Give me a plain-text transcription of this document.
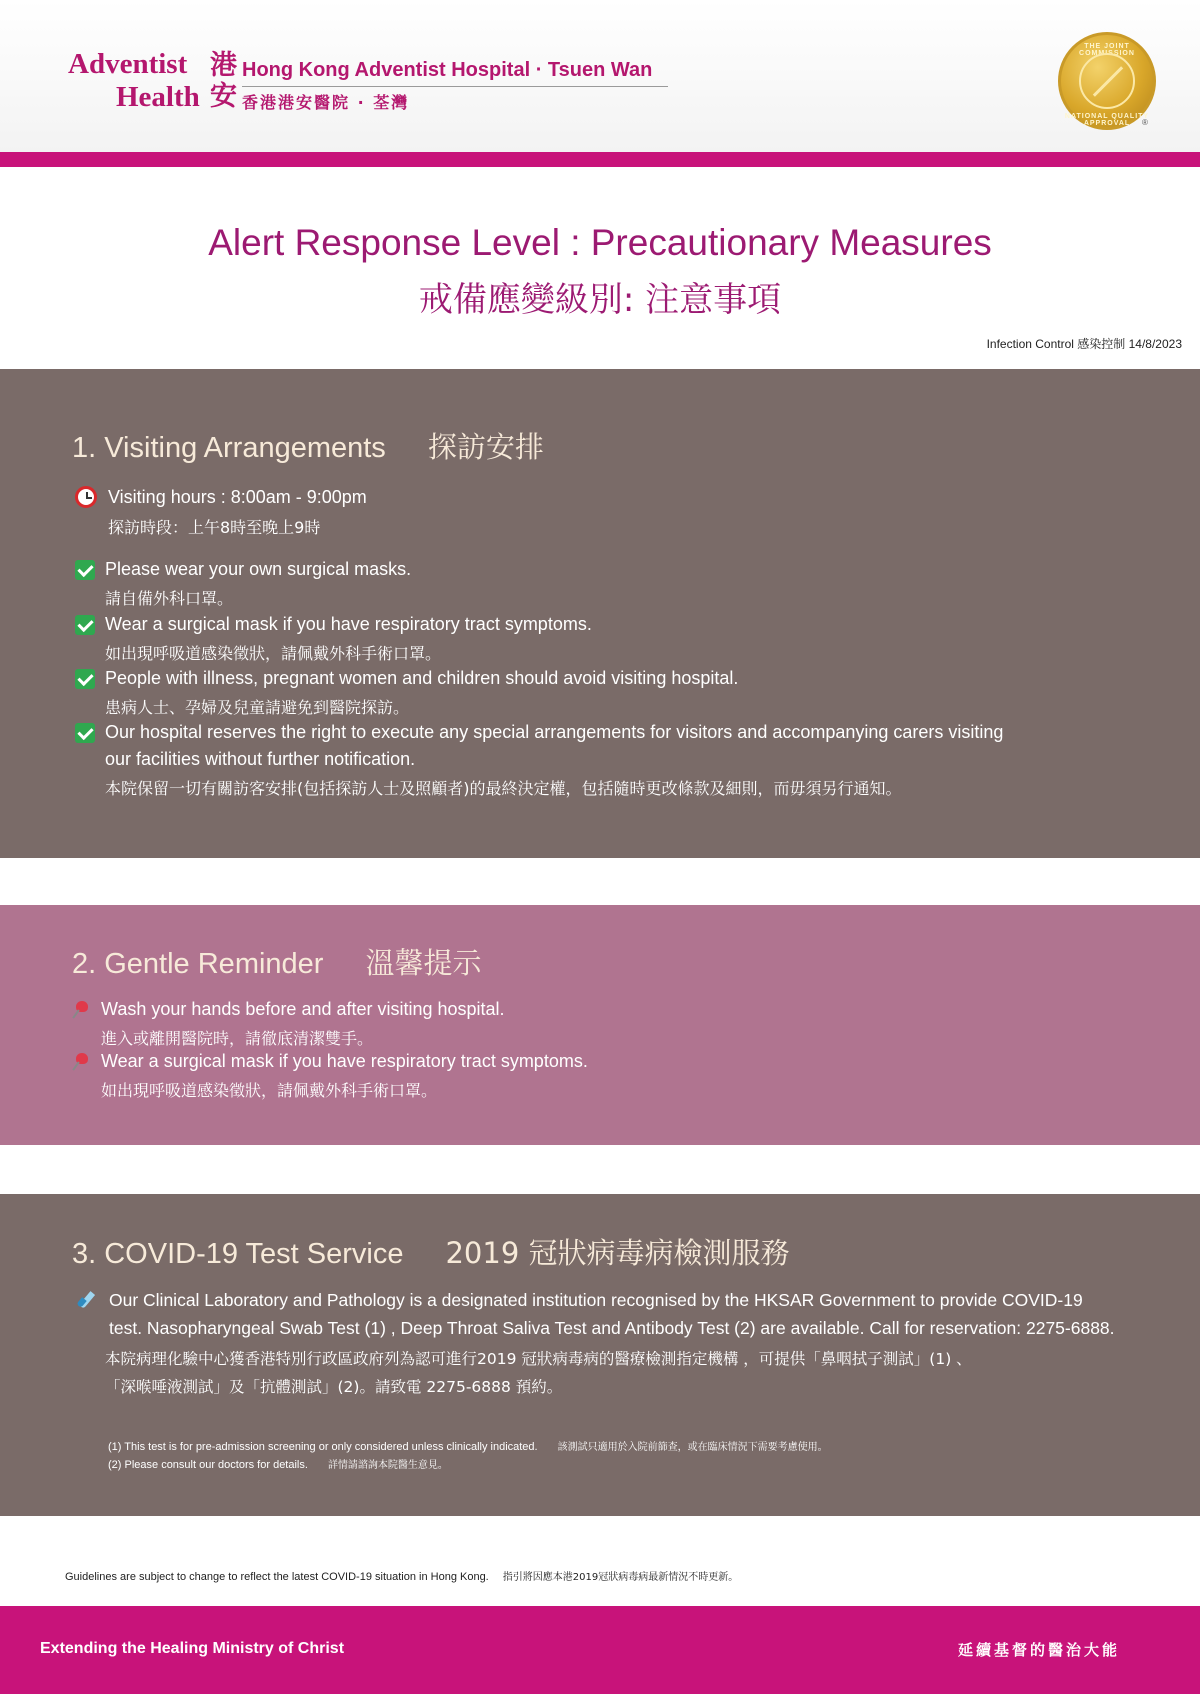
Adventist
Health
港安
Hong Kong Adventist Hospital · Tsuen Wan
香港港安醫院 · 荃灣
THE JOINT COMMISSION
NATIONAL QUALITY APPROVAL	®
Alert Response Level : Precautionary Measures
戒備應變級別: 注意事項
Infection Control 感染控制 14/8/2023
1. Visiting Arrangements 探訪安排
Visiting hours : 8:00am - 9:00pm
探訪時段：上午8時至晚上9時
Please wear your own surgical masks.
請自備外科口罩。
Wear a surgical mask if you have respiratory tract symptoms.
如出現呼吸道感染徵狀，請佩戴外科手術口罩。
People with illness, pregnant women and children should avoid visiting hospital.
患病人士、孕婦及兒童請避免到醫院探訪。
Our hospital reserves the right to execute any special arrangements for visitors and accompanying carers visiting
our facilities without further notification.
本院保留一切有關訪客安排(包括探訪人士及照顧者)的最終決定權，包括隨時更改條款及細則，而毋須另行通知。
2. Gentle Reminder 溫馨提示
Wash your hands before and after visiting hospital.
進入或離開醫院時，請徹底清潔雙手。
Wear a surgical mask if you have respiratory tract symptoms.
如出現呼吸道感染徵狀，請佩戴外科手術口罩。
3. COVID-19 Test Service 2019 冠狀病毒病檢測服務
Our Clinical Laboratory and Pathology is a designated institution recognised by the HKSAR Government to provide COVID-19
test. Nasopharyngeal Swab Test (1) , Deep Throat Saliva Test and Antibody Test (2) are available. Call for reservation: 2275-6888.
本院病理化驗中心獲香港特別行政區政府列為認可進行2019 冠狀病毒病的醫療檢測指定機構 ，可提供「鼻咽拭子測試」(1) 、
「深喉唾液測試」及「抗體測試」(2)。請致電 2275-6888 預約。
(1) This test is for pre-admission screening or only considered unless clinically indicated. 該測試只適用於入院前篩查，或在臨床情況下需要考慮使用。
(2) Please consult our doctors for details. 詳情請諮詢本院醫生意見。
Guidelines are subject to change to reflect the latest COVID-19 situation in Hong Kong. 指引將因應本港2019冠狀病毒病最新情況不時更新。
Extending the Healing Ministry of Christ	延續基督的醫治大能
